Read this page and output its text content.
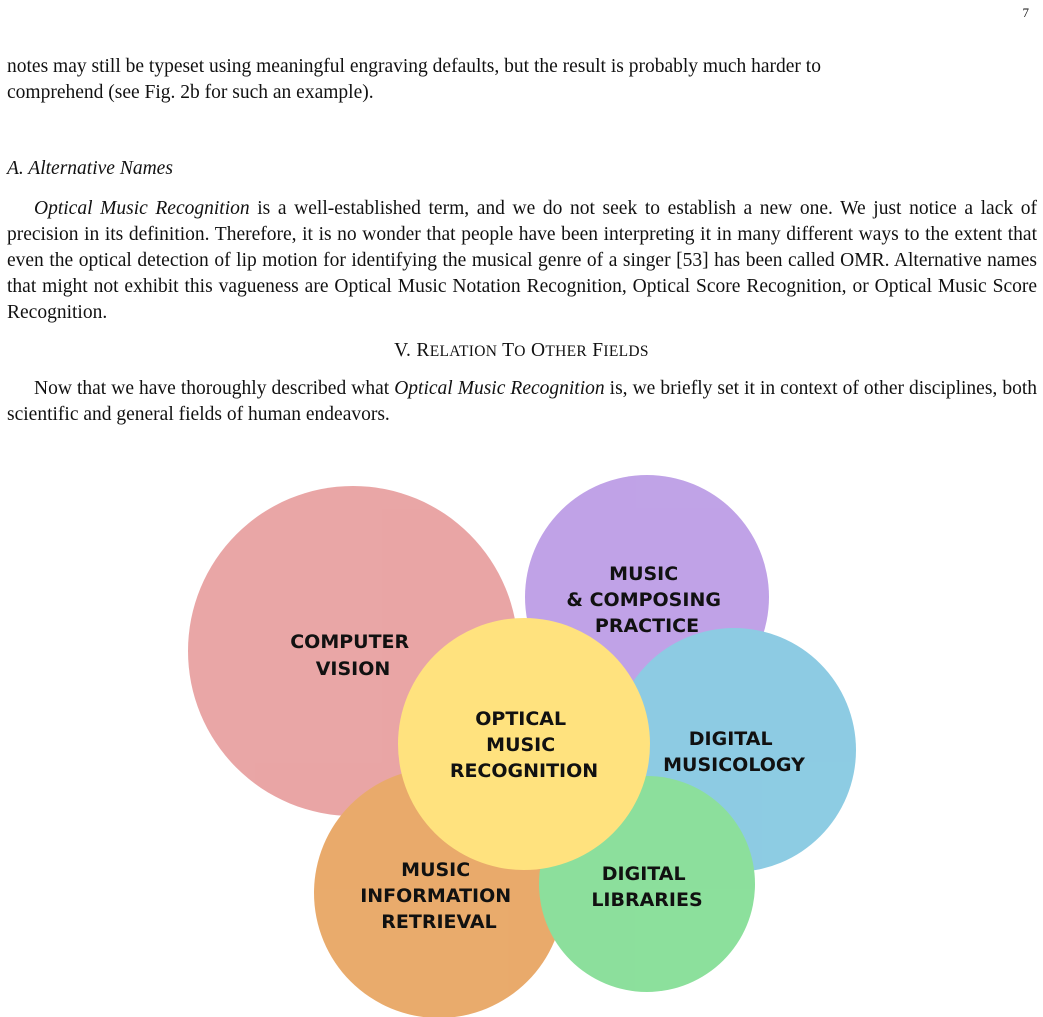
7
notes may still be typeset using meaningful engraving defaults, but the result is probably much harder to
comprehend (see Fig. 2b for such an example).
A. Alternative Names
Optical Music Recognition is a well-established term, and we do not seek to establish a new one. We just notice a lack of precision in its definition. Therefore, it is no wonder that people have been interpreting it in many different ways to the extent that even the optical detection of lip motion for identifying the musical genre of a singer [53] has been called OMR. Alternative names that might not exhibit this vagueness are Optical Music Notation Recognition, Optical Score Recognition, or Optical Music Score Recognition.
V. RELATION TO OTHER FIELDS
Now that we have thoroughly described what Optical Music Recognition is, we briefly set it in context of other disciplines, both scientific and general fields of human endeavors.
COMPUTER VISION
MUSIC & COMPOSING PRACTICE
DIGITAL MUSICOLOGY
OPTICAL MUSIC RECOGNITION
MUSIC INFORMATION RETRIEVAL
DIGITAL LIBRARIES
